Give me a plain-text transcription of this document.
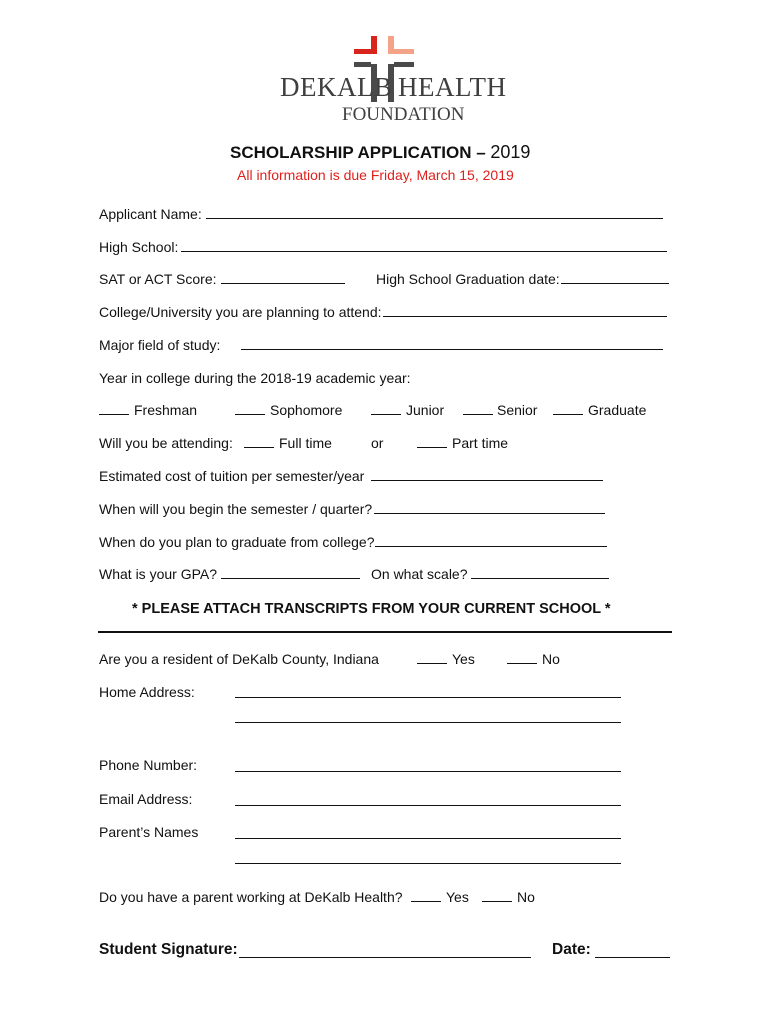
DEKALB HEALTH
FOUNDATION
SCHOLARSHIP APPLICATION – 2019
All information is due Friday, March 15, 2019
Applicant Name:
High School:
SAT or ACT Score:	High School Graduation date:
College/University you are planning to attend:
Major field of study:
Year in college during the 2018-19 academic year:
Freshman	Sophomore	Junior	Senior	Graduate
Will you be attending:	Full time	or	Part time
Estimated cost of tuition per semester/year
When will you begin the semester / quarter?
When do you plan to graduate from college?
What is your GPA?	On what scale?
* PLEASE ATTACH TRANSCRIPTS FROM YOUR CURRENT SCHOOL *
Are you a resident of DeKalb County, Indiana	Yes	No
Home Address:
Phone Number:
Email Address:
Parent’s Names
Do you have a parent working at DeKalb Health?	Yes	No
Student Signature:	Date:
